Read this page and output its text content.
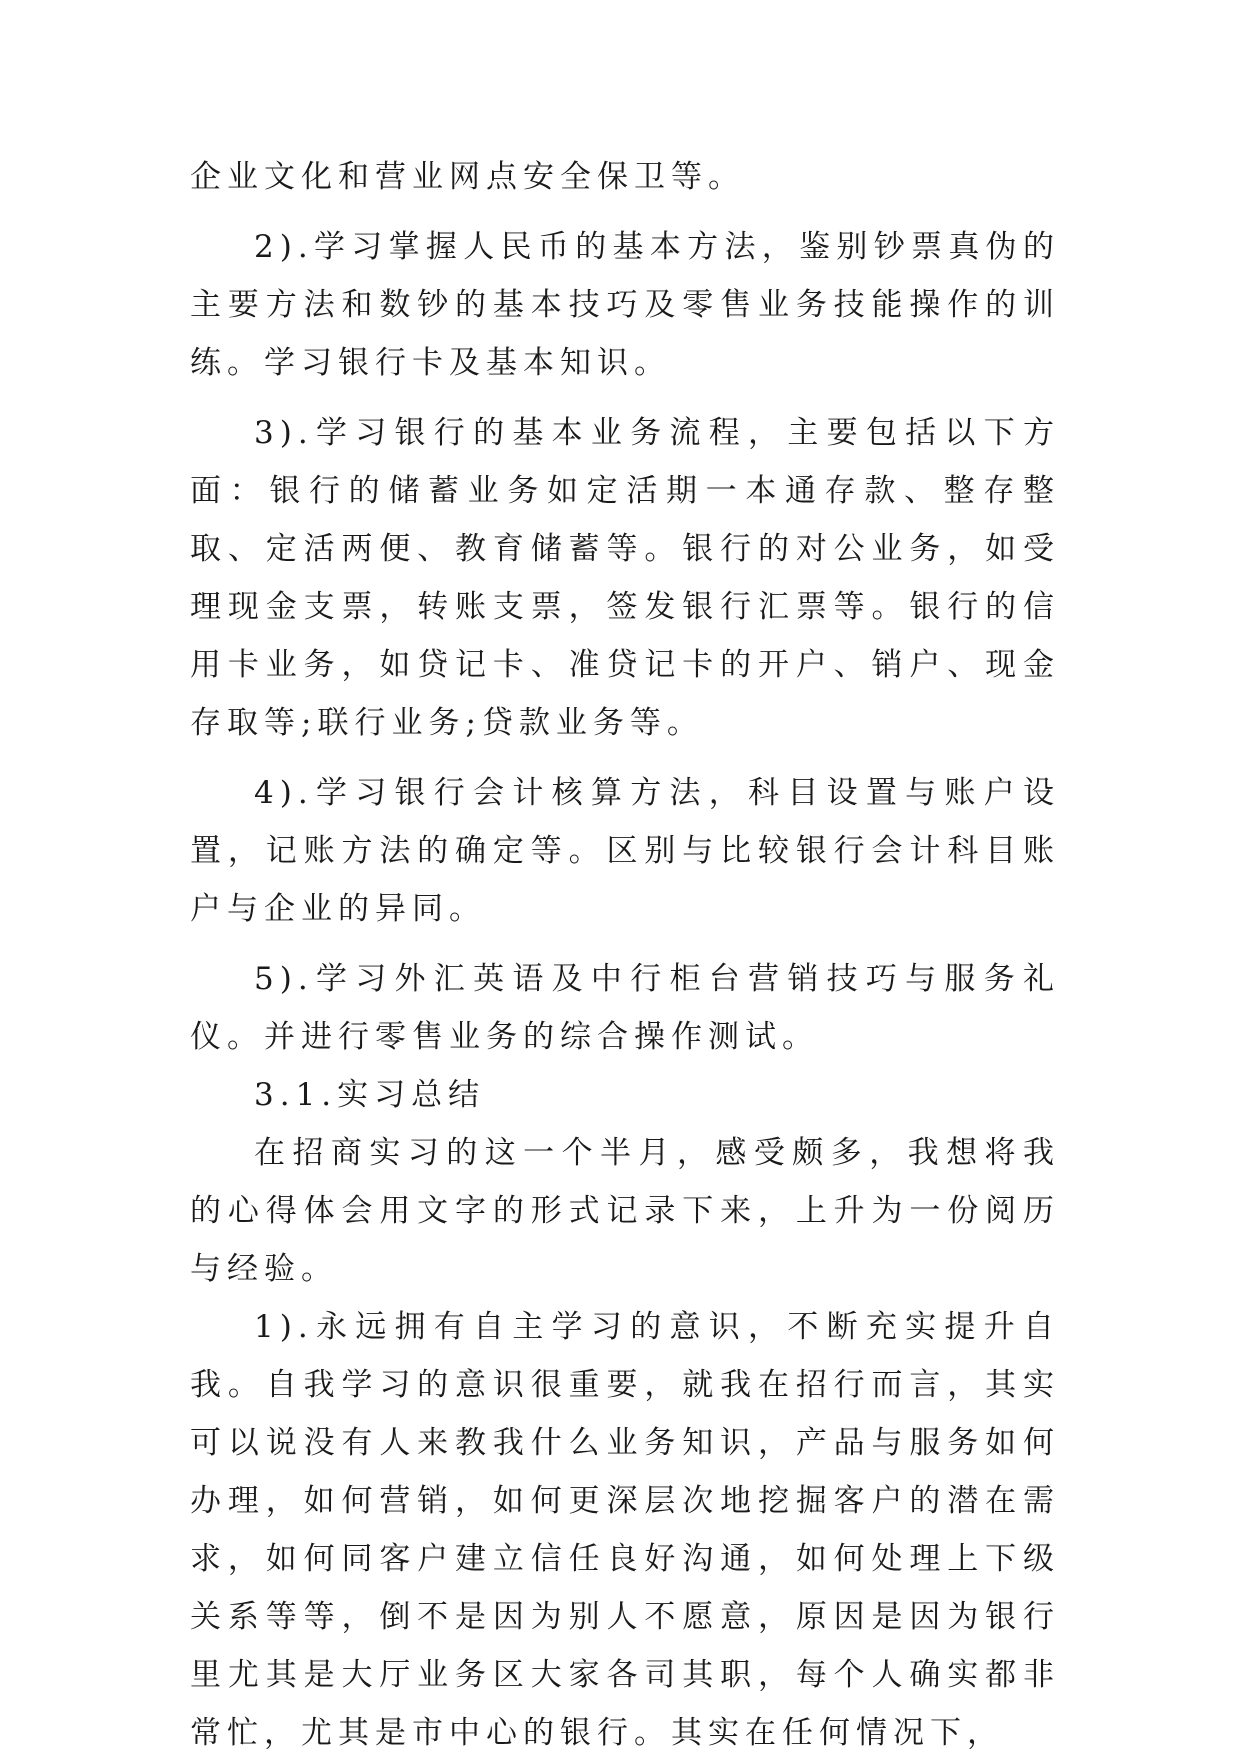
企业文化和营业网点安全保卫等。

2).学习掌握人民币的基本方法，鉴别钞票真伪的主要方法和数钞的基本技巧及零售业务技能操作的训练。学习银行卡及基本知识。

3).学习银行的基本业务流程，主要包括以下方面：银行的储蓄业务如定活期一本通存款、整存整取、定活两便、教育储蓄等。银行的对公业务，如受理现金支票，转账支票，签发银行汇票等。银行的信用卡业务，如贷记卡、准贷记卡的开户、销户、现金存取等;联行业务;贷款业务等。

4).学习银行会计核算方法，科目设置与账户设置，记账方法的确定等。区别与比较银行会计科目账户与企业的异同。

5).学习外汇英语及中行柜台营销技巧与服务礼仪。并进行零售业务的综合操作测试。

3.1.实习总结

在招商实习的这一个半月，感受颇多，我想将我的心得体会用文字的形式记录下来，上升为一份阅历与经验。

1).永远拥有自主学习的意识，不断充实提升自我。自我学习的意识很重要，就我在招行而言，其实可以说没有人来教我什么业务知识，产品与服务如何办理，如何营销，如何更深层次地挖掘客户的潜在需求，如何同客户建立信任良好沟通，如何处理上下级关系等等，倒不是因为别人不愿意，原因是因为银行里尤其是大厅业务区大家各司其职，每个人确实都非常忙，尤其是市中心的银行。其实在任何情况下，
